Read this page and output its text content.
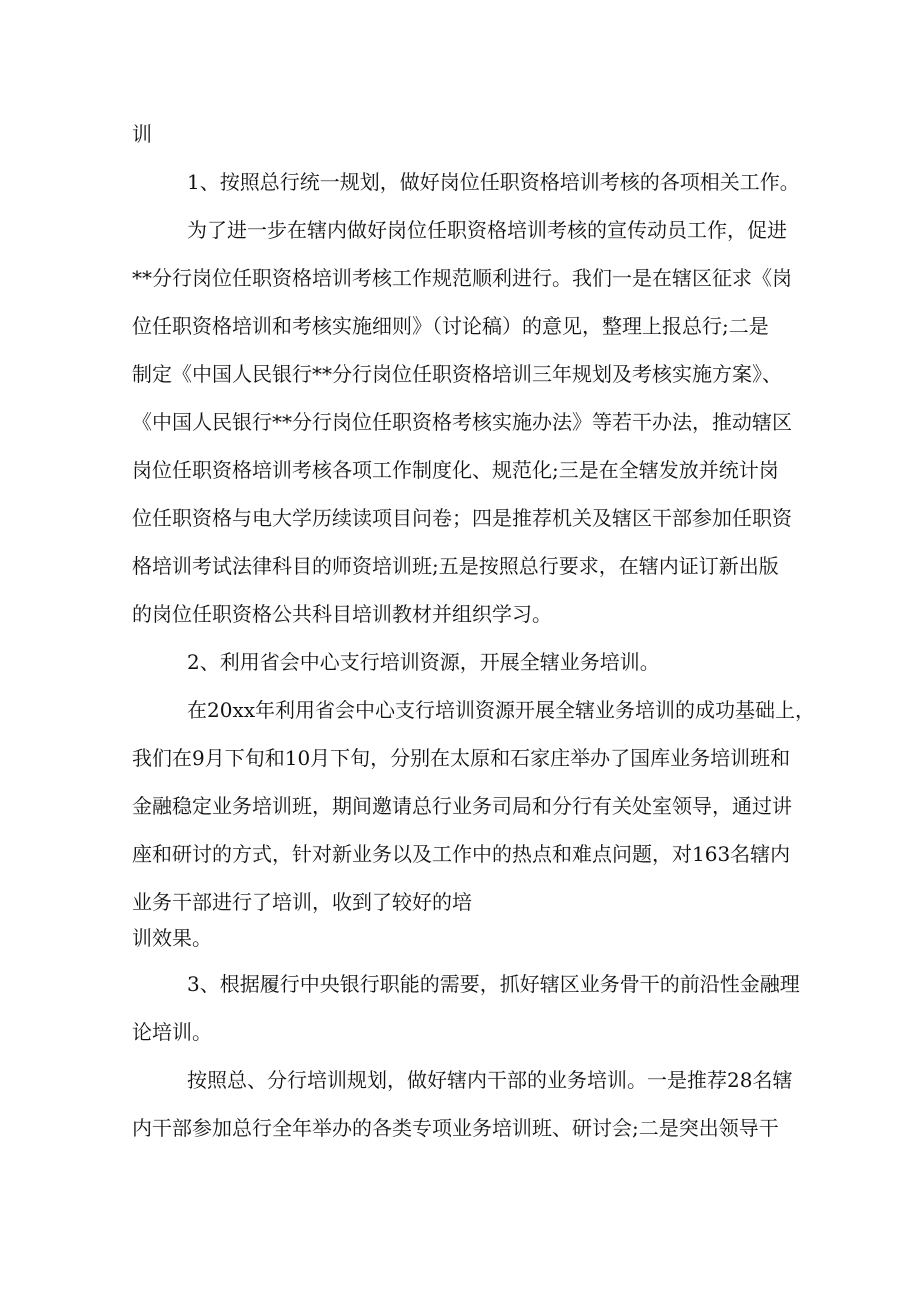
训
1、按照总行统一规划，做好岗位任职资格培训考核的各项相关工作。
为了进一步在辖内做好岗位任职资格培训考核的宣传动员工作，促进
**分行岗位任职资格培训考核工作规范顺利进行。我们一是在辖区征求《岗
位任职资格培训和考核实施细则》（讨论稿）的意见，整理上报总行;二是
制定《中国人民银行**分行岗位任职资格培训三年规划及考核实施方案》、
《中国人民银行**分行岗位任职资格考核实施办法》等若干办法，推动辖区
岗位任职资格培训考核各项工作制度化、规范化;三是在全辖发放并统计岗
位任职资格与电大学历续读项目问卷；四是推荐机关及辖区干部参加任职资
格培训考试法律科目的师资培训班;五是按照总行要求，在辖内证订新出版
的岗位任职资格公共科目培训教材并组织学习。
2、利用省会中心支行培训资源，开展全辖业务培训。
在20xx年利用省会中心支行培训资源开展全辖业务培训的成功基础上，
我们在9月下旬和10月下旬，分别在太原和石家庄举办了国库业务培训班和
金融稳定业务培训班，期间邀请总行业务司局和分行有关处室领导，通过讲
座和研讨的方式，针对新业务以及工作中的热点和难点问题，对163名辖内
业务干部进行了培训，收到了较好的培
训效果。
3、根据履行中央银行职能的需要，抓好辖区业务骨干的前沿性金融理
论培训。
按照总、分行培训规划，做好辖内干部的业务培训。一是推荐28名辖
内干部参加总行全年举办的各类专项业务培训班、研讨会;二是突出领导干
